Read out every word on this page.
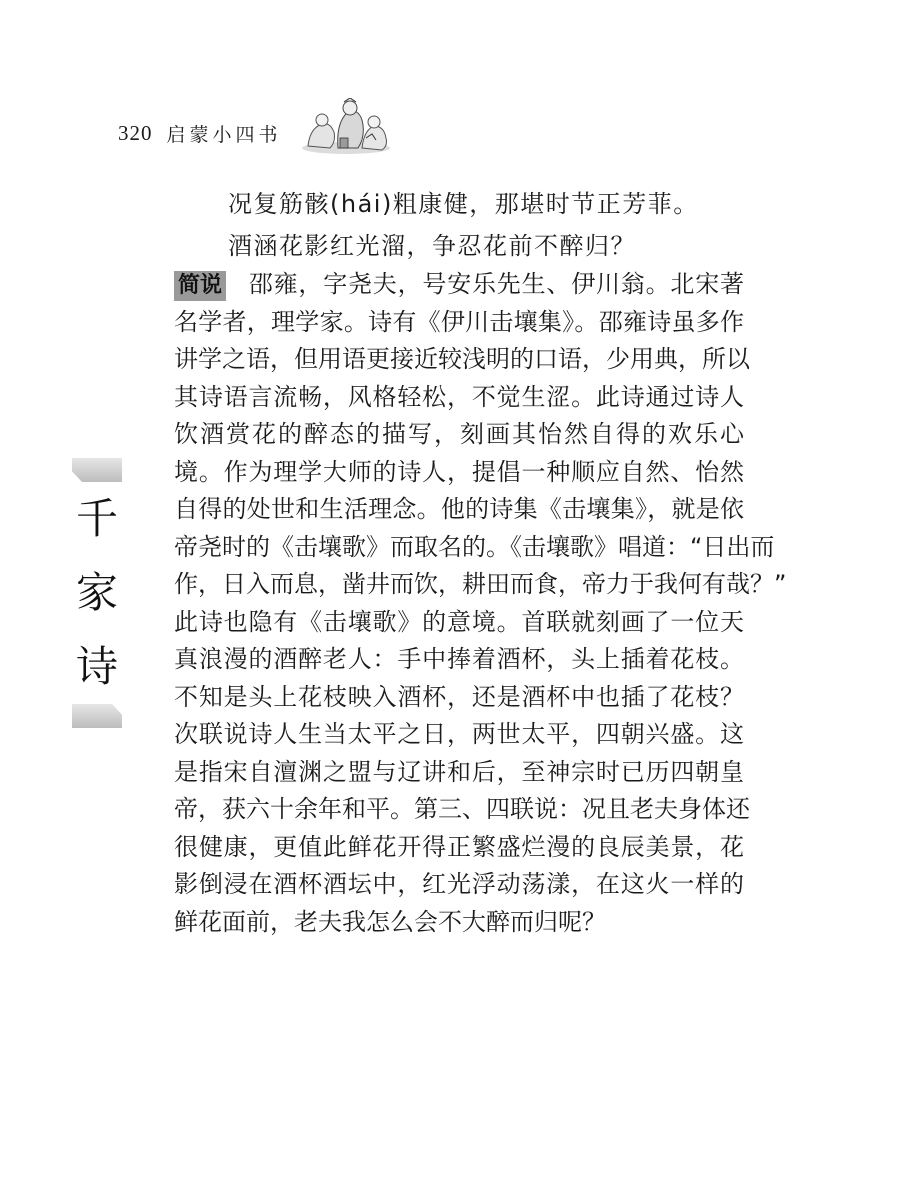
320 启蒙小四书
况复筋骸(hái)粗康健，那堪时节正芳菲。
酒涵花影红光溜，争忍花前不醉归？
简说 邵雍，字尧夫，号安乐先生、伊川翁。北宋著
名学者，理学家。诗有《伊川击壤集》。邵雍诗虽多作
讲学之语，但用语更接近较浅明的口语，少用典，所以
其诗语言流畅，风格轻松，不觉生涩。此诗通过诗人
饮酒赏花的醉态的描写，刻画其怡然自得的欢乐心
境。作为理学大师的诗人，提倡一种顺应自然、怡然
自得的处世和生活理念。他的诗集《击壤集》，就是依
帝尧时的《击壤歌》而取名的。《击壤歌》唱道：“日出而
作，日入而息，凿井而饮，耕田而食，帝力于我何有哉？”
此诗也隐有《击壤歌》的意境。首联就刻画了一位天
真浪漫的酒醉老人：手中捧着酒杯，头上插着花枝。
不知是头上花枝映入酒杯，还是酒杯中也插了花枝？
次联说诗人生当太平之日，两世太平，四朝兴盛。这
是指宋自澶渊之盟与辽讲和后，至神宗时已历四朝皇
帝，获六十余年和平。第三、四联说：况且老夫身体还
很健康，更值此鲜花开得正繁盛烂漫的良辰美景，花
影倒浸在酒杯酒坛中，红光浮动荡漾，在这火一样的
鲜花面前，老夫我怎么会不大醉而归呢？
千
家
诗
